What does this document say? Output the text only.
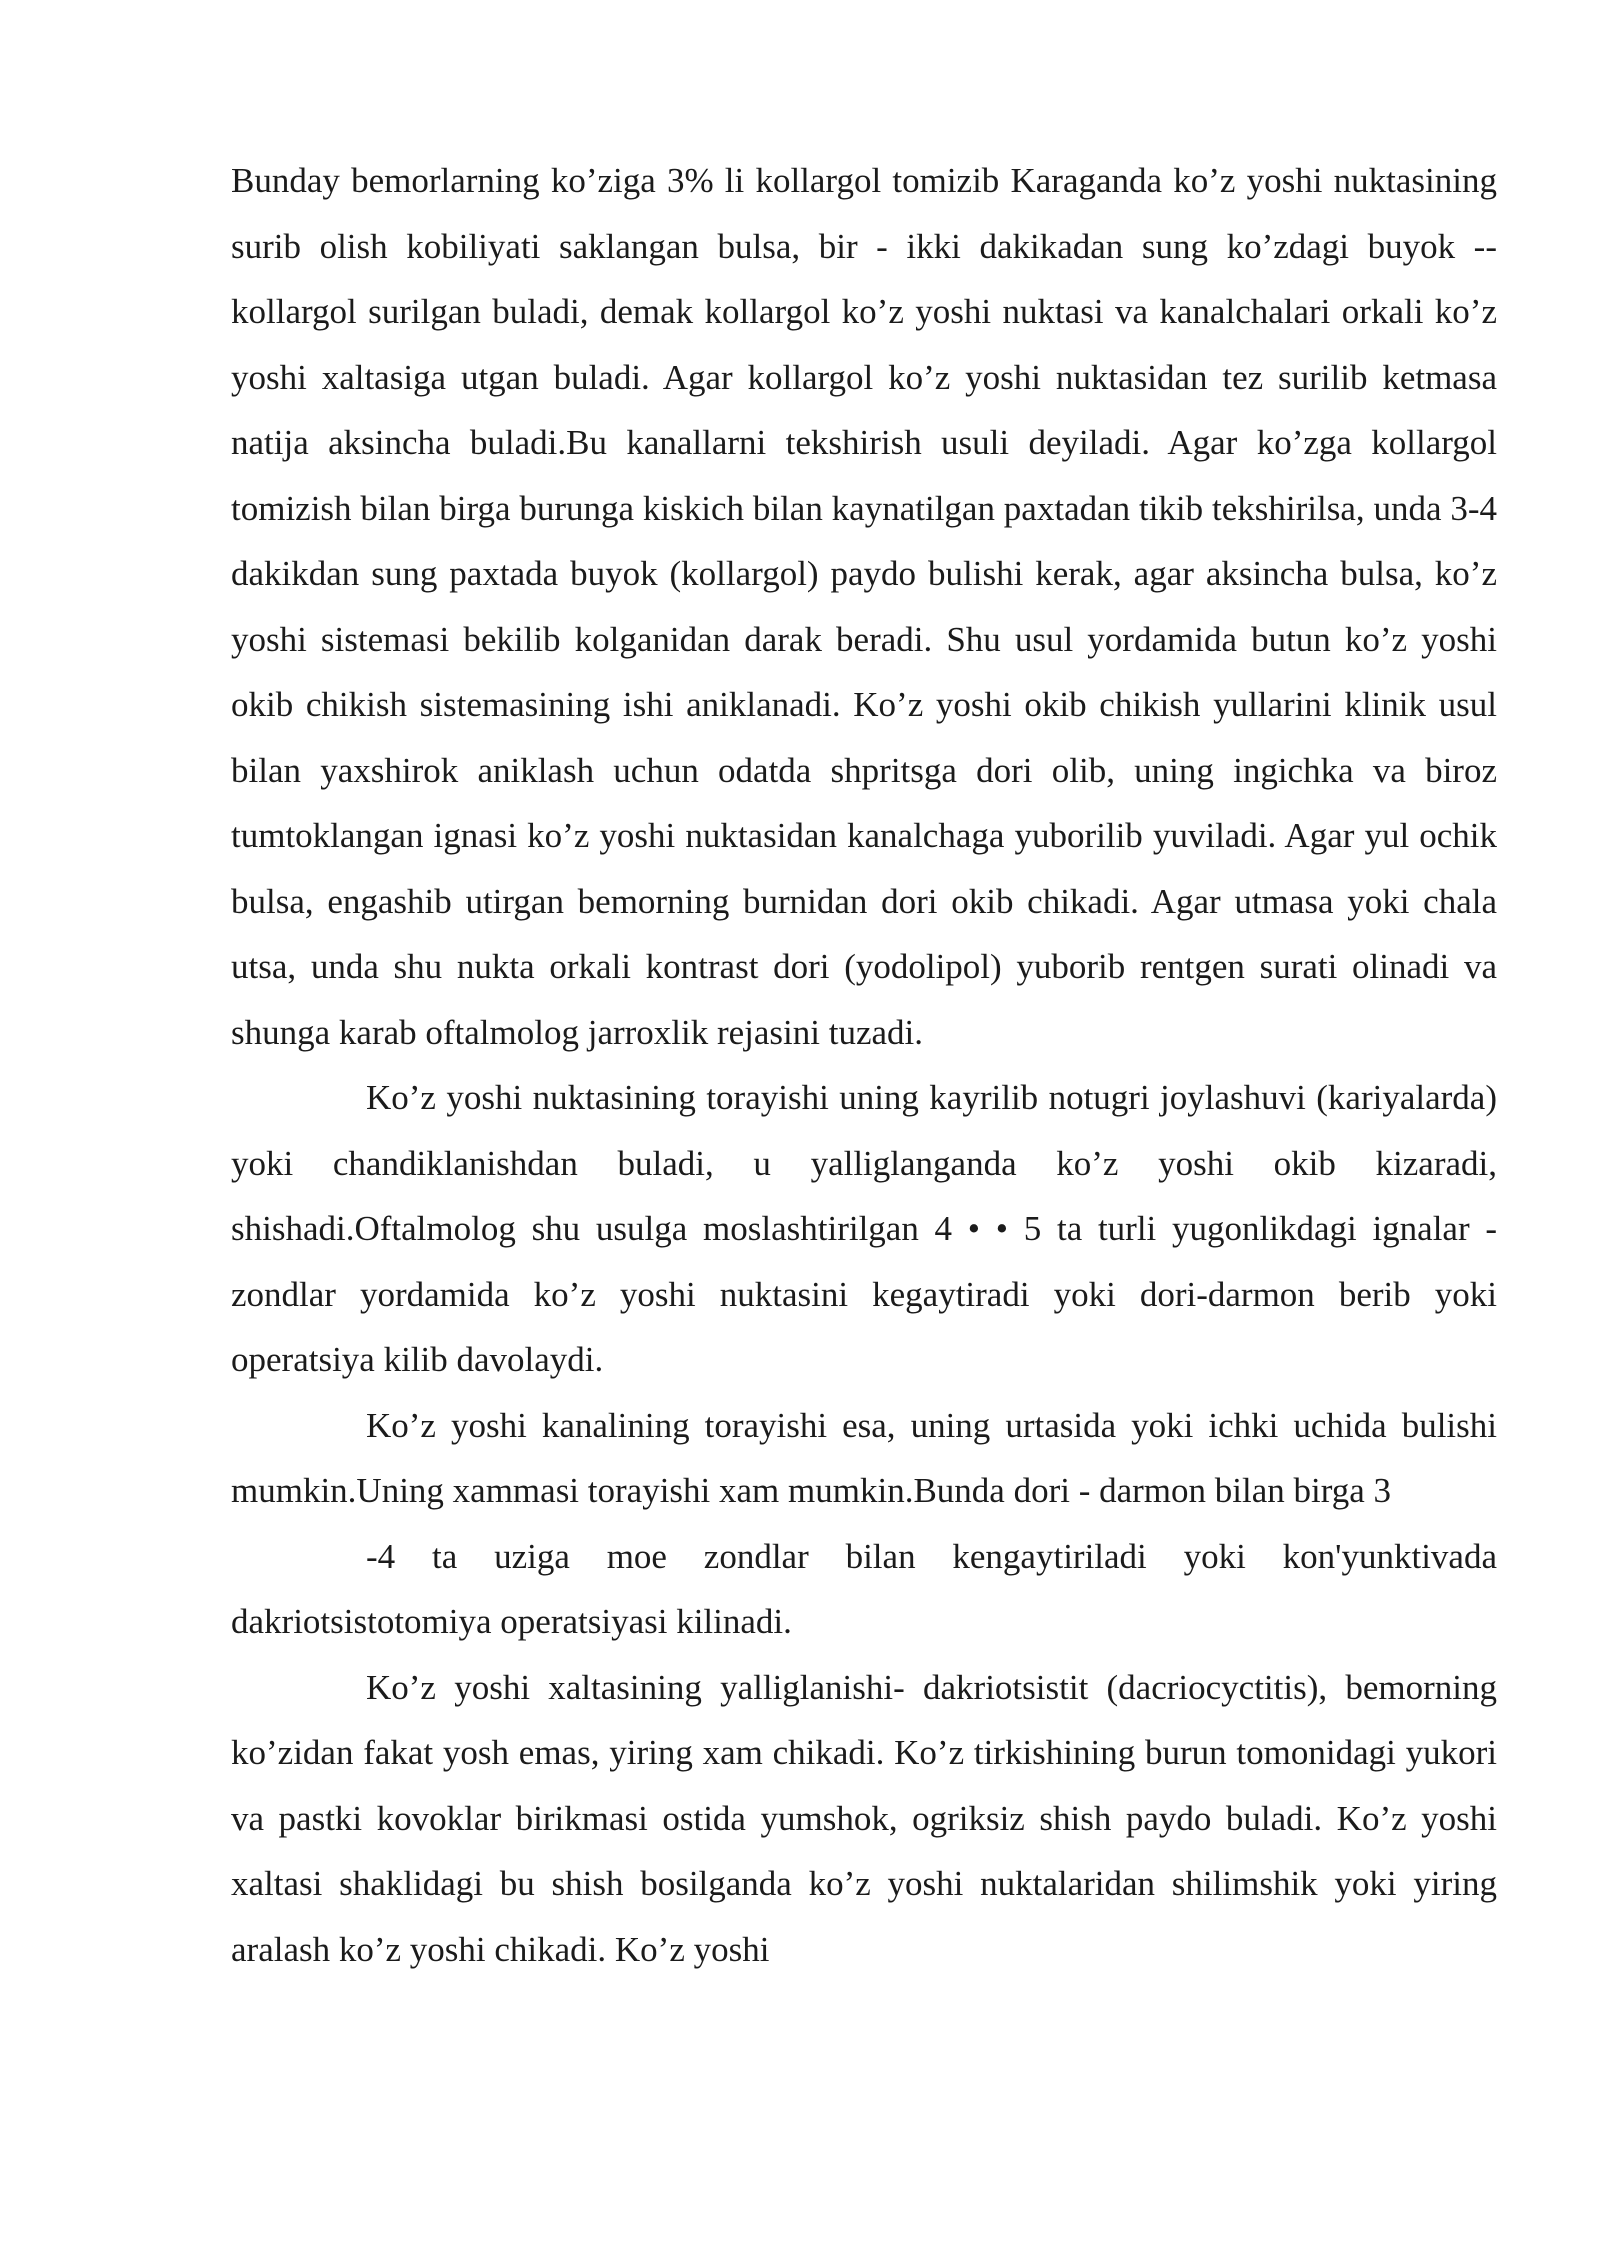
Bunday bemorlarning ko’ziga 3% li kollargol tomizib Karaganda ko’z yoshi nuktasining surib olish kobiliyati saklangan bulsa, bir - ikki dakikadan sung ko’zdagi buyok -- kollargol surilgan buladi, demak kollargol ko’z yoshi nuktasi va kanalchalari orkali ko’z yoshi xaltasiga utgan buladi. Agar kollargol ko’z yoshi nuktasidan tez surilib ketmasa natija aksincha buladi.Bu kanallarni tekshirish usuli deyiladi. Agar ko’zga kollargol tomizish bilan birga burunga kiskich bilan kaynatilgan paxtadan tikib tekshirilsa, unda 3-4 dakikdan sung paxtada buyok (kollargol) paydo bulishi kerak, agar aksincha bulsa, ko’z yoshi sistemasi bekilib kolganidan darak beradi. Shu usul yordamida butun ko’z yoshi okib chikish sistemasining ishi aniklanadi. Ko’z yoshi okib chikish yullarini klinik usul bilan yaxshirok aniklash uchun odatda shpritsga dori olib, uning ingichka va biroz tumtoklangan ignasi ko’z yoshi nuktasidan kanalchaga yuborilib yuviladi. Agar yul ochik bulsa, engashib utirgan bemorning burnidan dori okib chikadi. Agar utmasa yoki chala utsa, unda shu nukta orkali kontrast dori (yodolipol) yuborib rentgen surati olinadi va shunga karab oftalmolog jarroxlik rejasini tuzadi.

Ko’z yoshi nuktasining torayishi uning kayrilib notugri joylashuvi (kariyalarda) yoki chandiklanishdan buladi, u yalliglanganda ko’z yoshi okib kizaradi, shishadi.Oftalmolog shu usulga moslashtirilgan 4 • • 5 ta turli yugonlikdagi ignalar - zondlar yordamida ko’z yoshi nuktasini kegaytiradi yoki dori-darmon berib yoki operatsiya kilib davolaydi.

Ko’z yoshi kanalining torayishi esa, uning urtasida yoki ichki uchida bulishi mumkin.Uning xammasi torayishi xam mumkin.Bunda dori - darmon bilan birga 3

-4 ta uziga moe zondlar bilan kengaytiriladi yoki kon'yunktivada dakriotsistotomiya operatsiyasi kilinadi.

Ko’z yoshi xaltasining yalliglanishi- dakriotsistit (dacriocyctitis), bemorning ko’zidan fakat yosh emas, yiring xam chikadi. Ko’z tirkishining burun tomonidagi yukori va pastki kovoklar birikmasi ostida yumshok, ogriksiz shish paydo buladi. Ko’z yoshi xaltasi shaklidagi bu shish bosilganda ko’z yoshi nuktalaridan shilimshik yoki yiring aralash ko’z yoshi chikadi. Ko’z yoshi
